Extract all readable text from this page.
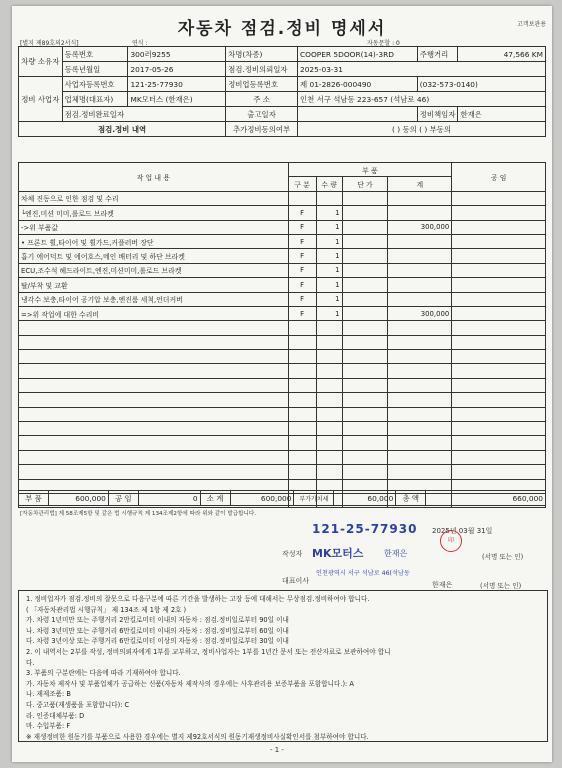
자동차 점검.정비 명세서	고객보관용
[별지 제89호의2서식]	연식 :	자동문할 : 0
차량 소유자	등록번호	300러9255	차명(차종)	COOPER 5DOOR(14)-3RD	주행거리	47,566 KM
	등록년월일	2017-05-26	점검.정비의뢰일자	2025-03-31		
정비 사업자	사업자등록번호	121-25-77930	정비업등록번호	제 01-2826-000490	(032-573-0140)	
	업체명(대표자)	MK모터스 (한재은)	주 소	인천 서구 석남동 223-657 (석남로 46)		
	점검.정비완료일자		출고일자		정비책임자	한재은
점검.정비 내역			추가정비동의여부	( ) 동의 ( ) 부동의		
작 업 내 용	부 품				공 임
	구 분	수 량	단 가	계	
차체 진동으로 인한 점검 및 수리					
└엔진,미션 미미,롤로드 브라켓	F	1			
->위 부품값	F	1		300,000	
• 프론트 휠,타이어 및 휠가드,커플러버 장단	F	1			
흡기 에어덕트 및 에어호스,메인 배터리 및 하단 브라켓	F	1			
ECU,조수석 헤드라이트,엔진,미션미미,롤로드 브라켓	F	1			
탈/부착 및 교환	F	1			
냉각수 보충,타이어 공기압 보충,엔진룸 세척,언더커버	F	1			
=>위 작업에 대한 수리비	F	1		300,000	

부 품	600,000	공 임	0	소 계	600,000	부가가치세	60,000	총 액	660,000
[자동차관리법] 제 58조제5항 및 같은 법 시행규칙 제 134조제2항에 따라 위와 같이 발급합니다.
121-25-77930 2025년 03월 31일
작성자 MK모터스	한재은	(서명 또는 인)
印
대표이사
인천광역시 서구 석남로 46(석남동
한재은	(서명 또는 인)
1. 정비업자가 점검.정비의 잘못으로 다음구분에 따른 기간을 발생하는 고장 등에 대해서는 무상점검.정비하여야 합니다.
( 「자동차관리법 시행규칙」 제 134조 제 1항 제 2호 )
가. 차령 1년미만 또는 주행거리 2만킬로미터 이내의 자동차 : 점검.정비일로부터 90일 이내
나. 차령 3년미만 또는 주행거리 6만킬로미터 이내의 자동차 : 점검.정비일로부터 60일 이내
다. 차령 3년이상 또는 주행거리 6만킬로미터 이상의 자동차 : 점검.정비일로부터 30일 이내
2. 이 내역서는 2부를 작성, 정비의뢰자에게 1부를 교부하고, 정비사업자는 1부를 1년간 문서 또는 전산자료로 보관하여야 합니
다.
3. 부품의 구분란에는 다음에 따라 기재하여야 합니다.
가. 자동차 제작사 및 부품업체가 공급하는 신품(자동차 제작사의 경우에는 사후관리용 보증부품을 포함합니다.): A
나. 재제조품: B
다. 중고품(재생품을 포함합니다): C
라. 인증대체부품: D
마. 수입부품: F
※ 재생정비한 원동기를 부품으로 사용한 경우에는 별지 제92호서식의 원동기재생정비사실확인서를 첨부하여야 합니다.
- 1 -
